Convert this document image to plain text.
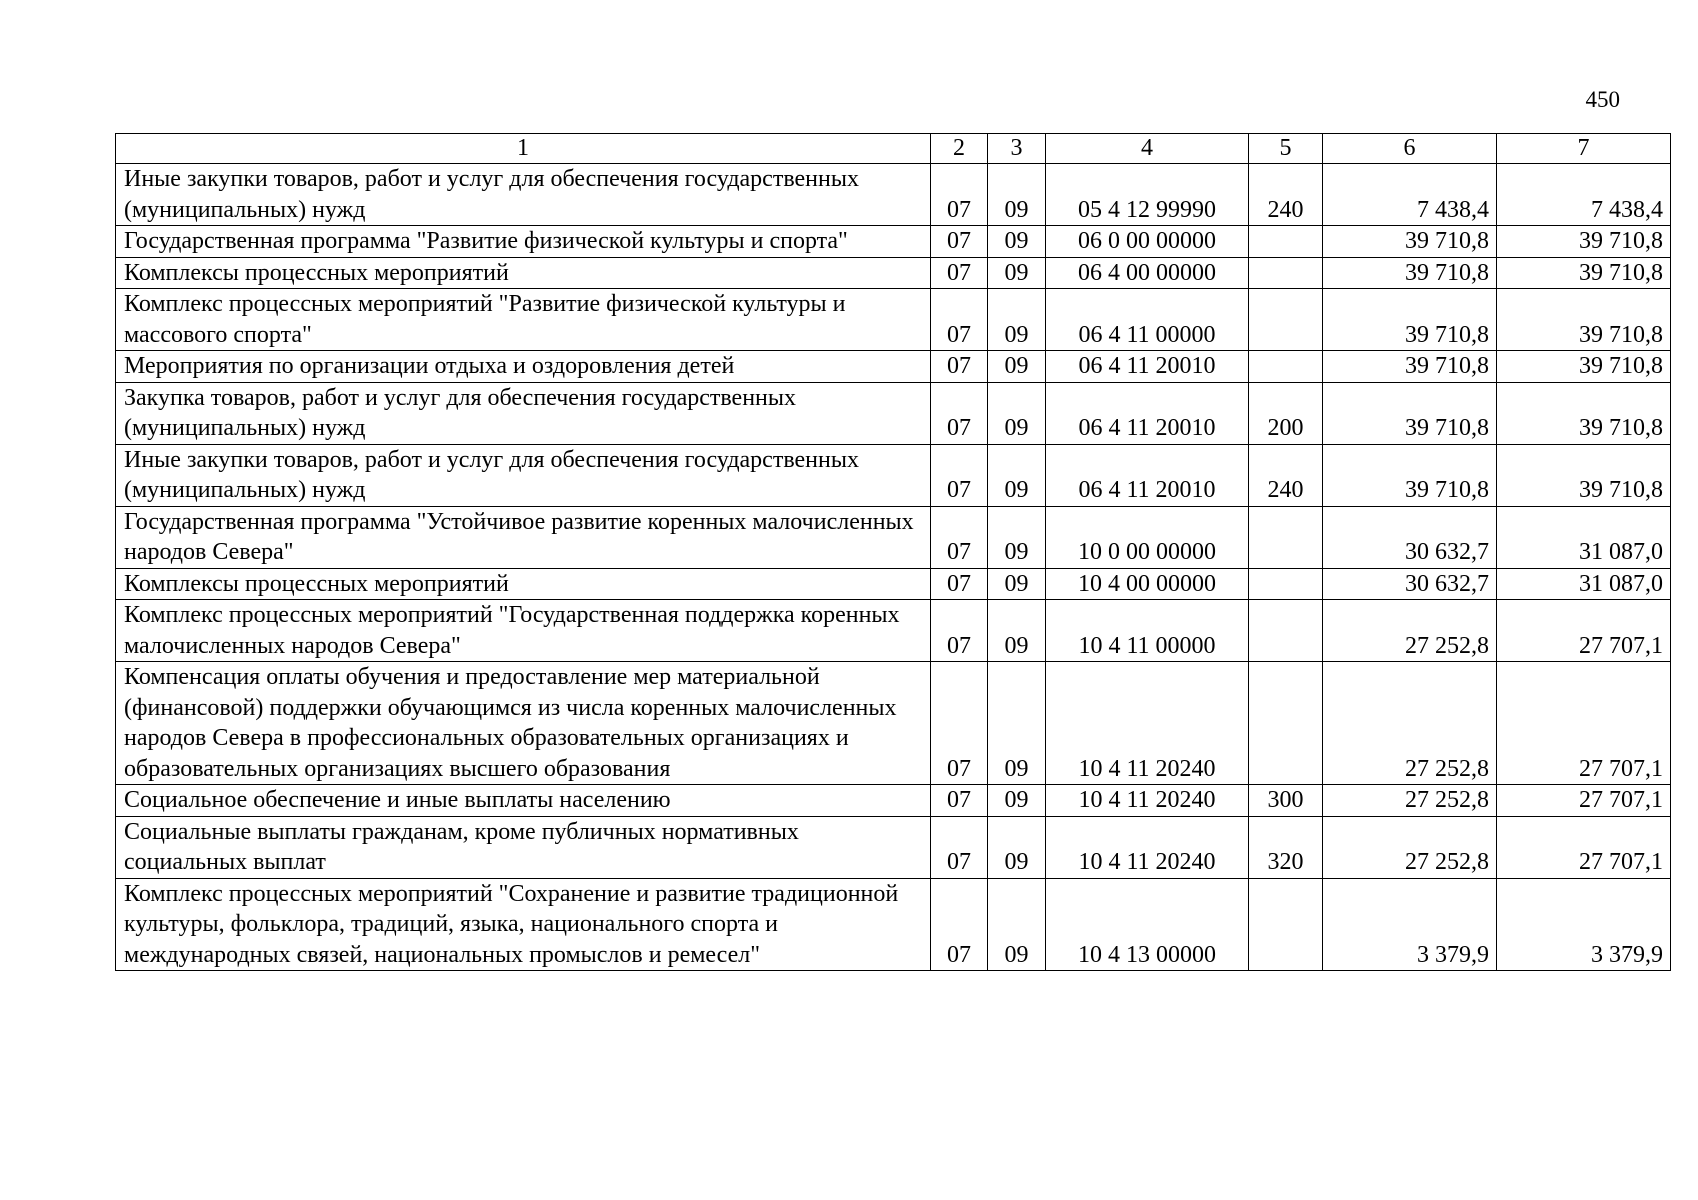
450
1	2	3	4	5	6	7
Иные закупки товаров, работ и услуг для обеспечения государственных (муниципальных) нужд	07	09	05 4 12 99990	240	7 438,4	7 438,4
Государственная программа "Развитие физической культуры и спорта"	07	09	06 0 00 00000		39 710,8	39 710,8
Комплексы процессных мероприятий	07	09	06 4 00 00000		39 710,8	39 710,8
Комплекс процессных мероприятий "Развитие физической культуры и массового спорта"	07	09	06 4 11 00000		39 710,8	39 710,8
Мероприятия по организации отдыха и оздоровления детей	07	09	06 4 11 20010		39 710,8	39 710,8
Закупка товаров, работ и услуг для обеспечения государственных (муниципальных) нужд	07	09	06 4 11 20010	200	39 710,8	39 710,8
Иные закупки товаров, работ и услуг для обеспечения государственных (муниципальных) нужд	07	09	06 4 11 20010	240	39 710,8	39 710,8
Государственная программа "Устойчивое развитие коренных малочисленных народов Севера"	07	09	10 0 00 00000		30 632,7	31 087,0
Комплексы процессных мероприятий	07	09	10 4 00 00000		30 632,7	31 087,0
Комплекс процессных мероприятий "Государственная поддержка коренных малочисленных народов Севера"	07	09	10 4 11 00000		27 252,8	27 707,1
Компенсация оплаты обучения и предоставление мер материальной (финансовой) поддержки обучающимся из числа коренных малочисленных народов Севера в профессиональных образовательных организациях и образовательных организациях высшего образования	07	09	10 4 11 20240		27 252,8	27 707,1
Социальное обеспечение и иные выплаты населению	07	09	10 4 11 20240	300	27 252,8	27 707,1
Социальные выплаты гражданам, кроме публичных нормативных социальных выплат	07	09	10 4 11 20240	320	27 252,8	27 707,1
Комплекс процессных мероприятий "Сохранение и развитие традиционной культуры, фольклора, традиций, языка, национального спорта и международных связей, национальных промыслов и ремесел"	07	09	10 4 13 00000		3 379,9	3 379,9
